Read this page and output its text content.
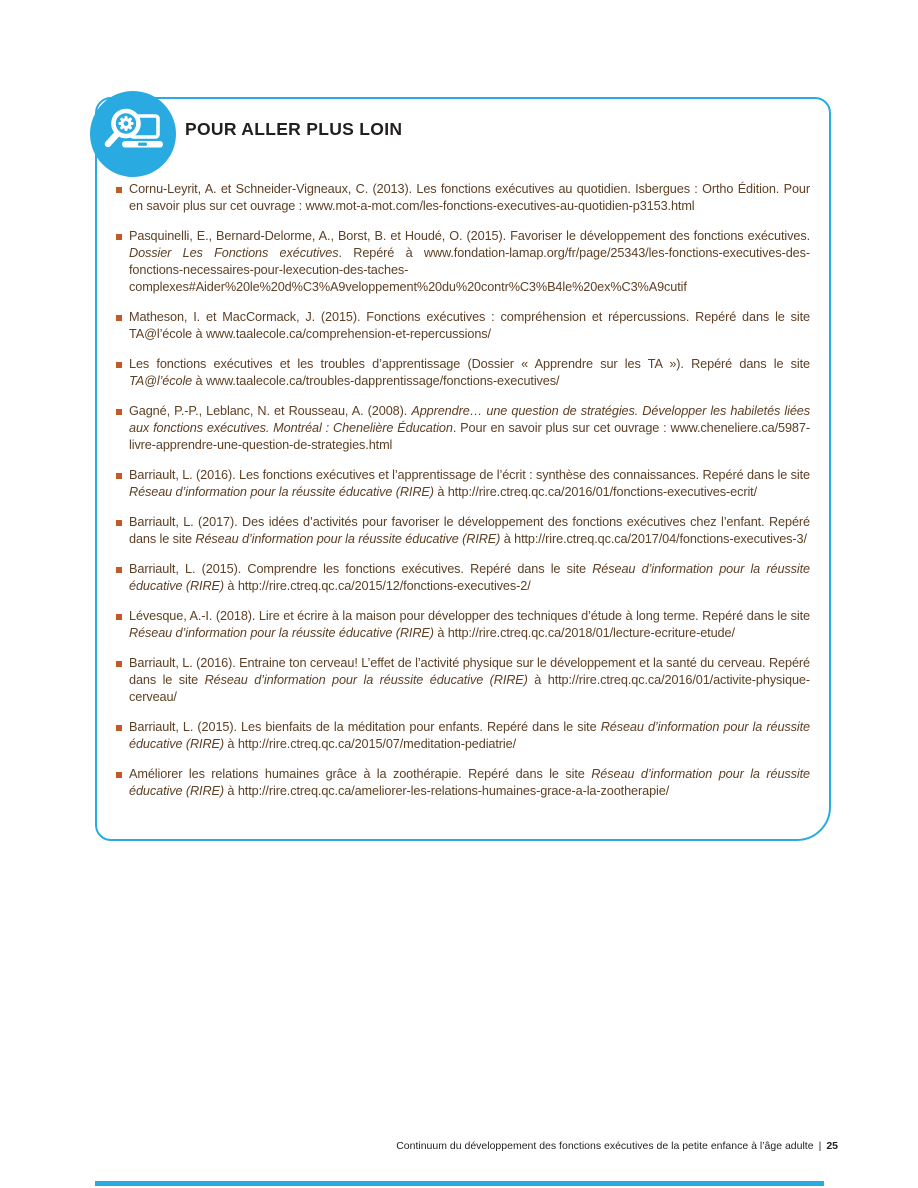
POUR ALLER PLUS LOIN
Cornu-Leyrit, A. et Schneider-Vigneaux, C. (2013). Les fonctions exécutives au quotidien. Isbergues : Ortho Édition. Pour en savoir plus sur cet ouvrage : www.mot-a-mot.com/les-fonctions-executives-au-quotidien-p3153.html
Pasquinelli, E., Bernard-Delorme, A., Borst, B. et Houdé, O. (2015). Favoriser le développement des fonctions exécutives. Dossier Les Fonctions exécutives. Repéré à www.fondation-lamap.org/fr/page/25343/les-fonctions-executives-des-fonctions-necessaires-pour-lexecution-des-taches-complexes#Aider%20le%20d%C3%A9veloppement%20du%20contr%C3%B4le%20ex%C3%A9cutif
Matheson, I. et MacCormack, J. (2015). Fonctions exécutives : compréhension et répercussions. Repéré dans le site TA@l’école à www.taalecole.ca/comprehension-et-repercussions/
Les fonctions exécutives et les troubles d’apprentissage (Dossier « Apprendre sur les TA »). Repéré dans le site TA@l’école à www.taalecole.ca/troubles-dapprentissage/fonctions-executives/
Gagné, P.-P., Leblanc, N. et Rousseau, A. (2008). Apprendre… une question de stratégies. Développer les habiletés liées aux fonctions exécutives. Montréal : Chenelière Éducation. Pour en savoir plus sur cet ouvrage : www.cheneliere.ca/5987-livre-apprendre-une-question-de-strategies.html
Barriault, L. (2016). Les fonctions exécutives et l’apprentissage de l’écrit : synthèse des connaissances. Repéré dans le site Réseau d’information pour la réussite éducative (RIRE) à http://rire.ctreq.qc.ca/2016/01/fonctions-executives-ecrit/
Barriault, L. (2017). Des idées d’activités pour favoriser le développement des fonctions exécutives chez l’enfant. Repéré dans le site Réseau d’information pour la réussite éducative (RIRE) à http://rire.ctreq.qc.ca/2017/04/fonctions-executives-3/
Barriault, L. (2015). Comprendre les fonctions exécutives. Repéré dans le site Réseau d’information pour la réussite éducative (RIRE) à http://rire.ctreq.qc.ca/2015/12/fonctions-executives-2/
Lévesque, A.-I. (2018). Lire et écrire à la maison pour développer des techniques d’étude à long terme. Repéré dans le site Réseau d’information pour la réussite éducative (RIRE) à http://rire.ctreq.qc.ca/2018/01/lecture-ecriture-etude/
Barriault, L. (2016). Entraine ton cerveau! L’effet de l’activité physique sur le développement et la santé du cerveau. Repéré dans le site Réseau d’information pour la réussite éducative (RIRE) à http://rire.ctreq.qc.ca/2016/01/activite-physique-cerveau/
Barriault, L. (2015). Les bienfaits de la méditation pour enfants. Repéré dans le site Réseau d’information pour la réussite éducative (RIRE) à http://rire.ctreq.qc.ca/2015/07/meditation-pediatrie/
Améliorer les relations humaines grâce à la zoothérapie. Repéré dans le site Réseau d’information pour la réussite éducative (RIRE) à http://rire.ctreq.qc.ca/ameliorer-les-relations-humaines-grace-a-la-zootherapie/
Continuum du développement des fonctions exécutives de la petite enfance à l’âge adulte | 25
